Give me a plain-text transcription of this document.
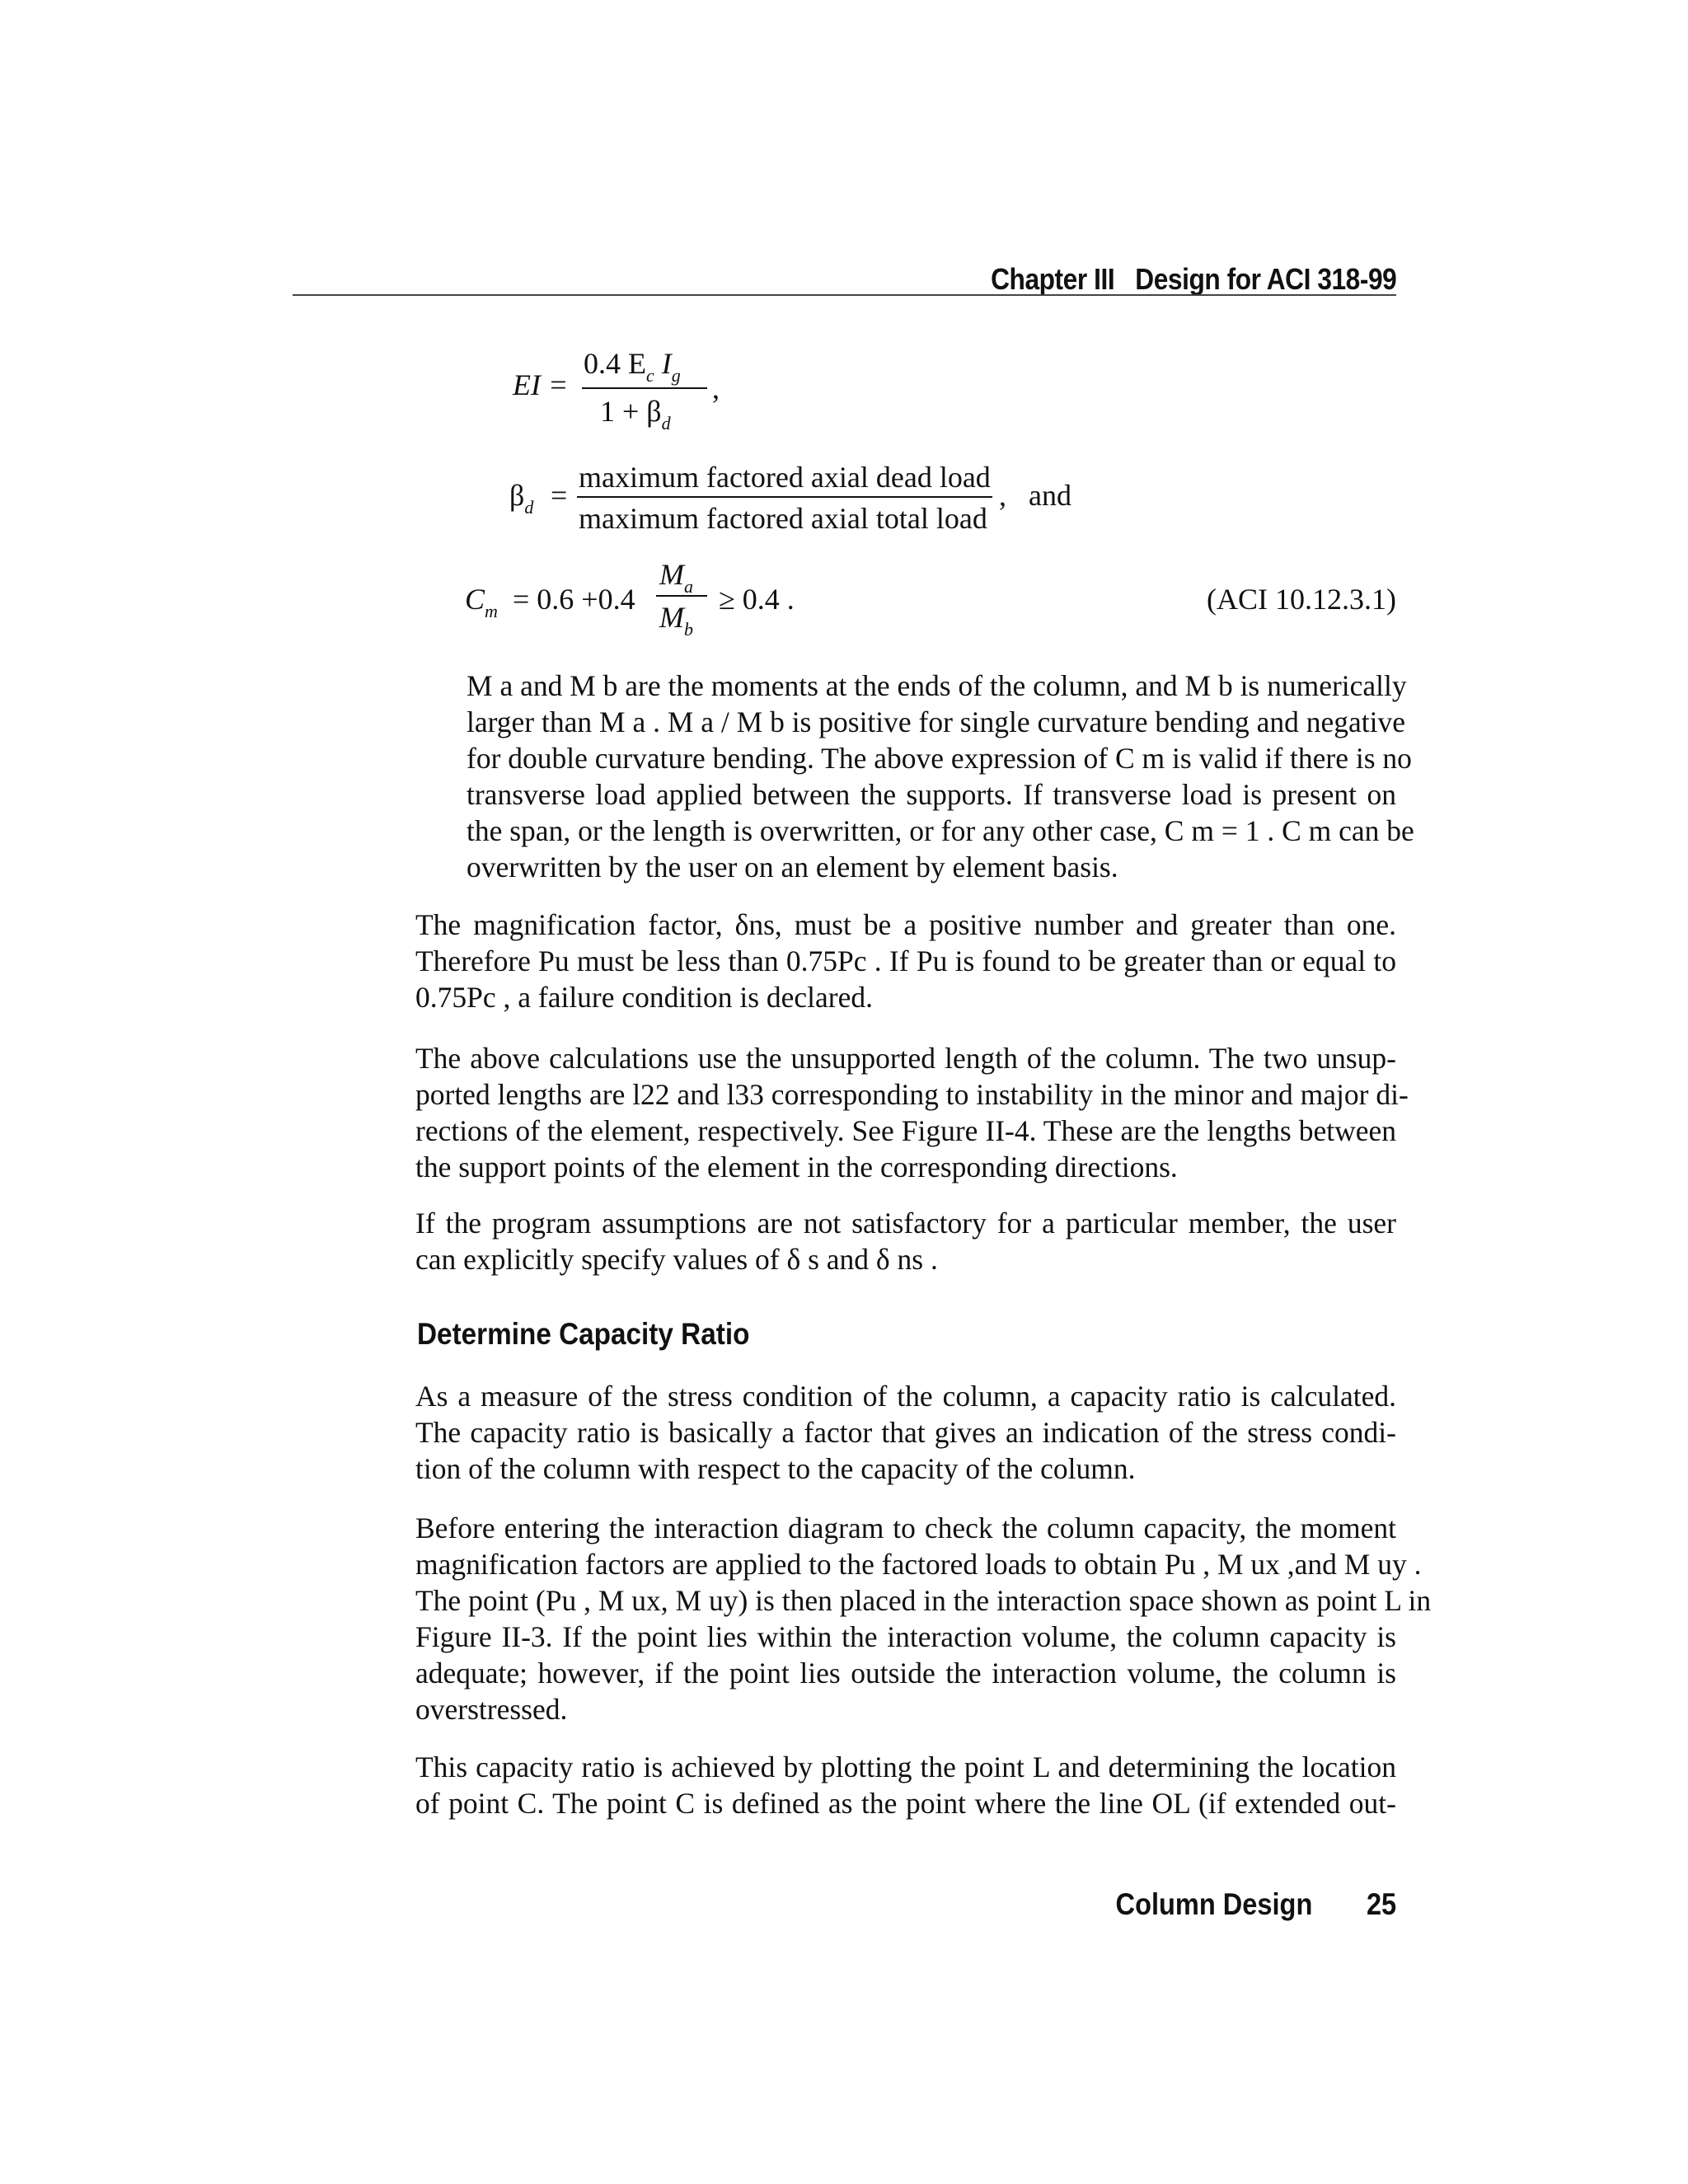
Chapter III Design for ACI 318-99
EI =
0.4 $E_c$ $I_g$
$1 + \beta_d$
,
$\beta_d$ =
maximum factored axial dead load
maximum factored axial total load
,   and
$C_m = 0.6 +0.4$
$M_a$
$M_b$
≥ 0.4 .	(ACI 10.12.3.1)
M a and M b are the moments at the ends of the column, and M b is numerically
larger than M a . M a / M b is positive for single curvature bending and negative
for double curvature bending. The above expression of C m is valid if there is no
transverse load applied between the supports. If transverse load is present on
the span, or the length is overwritten, or for any other case, C m = 1 . C m can be
overwritten by the user on an element by element basis.
The magnification factor, δns, must be a positive number and greater than one.
Therefore Pu must be less than 0.75Pc . If Pu is found to be greater than or equal to
0.75Pc , a failure condition is declared.
The above calculations use the unsupported length of the column. The two unsup-
ported lengths are l22 and l33 corresponding to instability in the minor and major di-
rections of the element, respectively. See Figure II-4. These are the lengths between
the support points of the element in the corresponding directions.
If the program assumptions are not satisfactory for a particular member, the user
can explicitly specify values of δ s and δ ns .
Determine Capacity Ratio
As a measure of the stress condition of the column, a capacity ratio is calculated.
The capacity ratio is basically a factor that gives an indication of the stress condi-
tion of the column with respect to the capacity of the column.
Before entering the interaction diagram to check the column capacity, the moment
magnification factors are applied to the factored loads to obtain Pu , M ux ,and M uy .
The point (Pu , M ux, M uy) is then placed in the interaction space shown as point L in
Figure II-3. If the point lies within the interaction volume, the column capacity is
adequate; however, if the point lies outside the interaction volume, the column is
overstressed.
This capacity ratio is achieved by plotting the point L and determining the location
of point C. The point C is defined as the point where the line OL (if extended out-
Column Design 25
